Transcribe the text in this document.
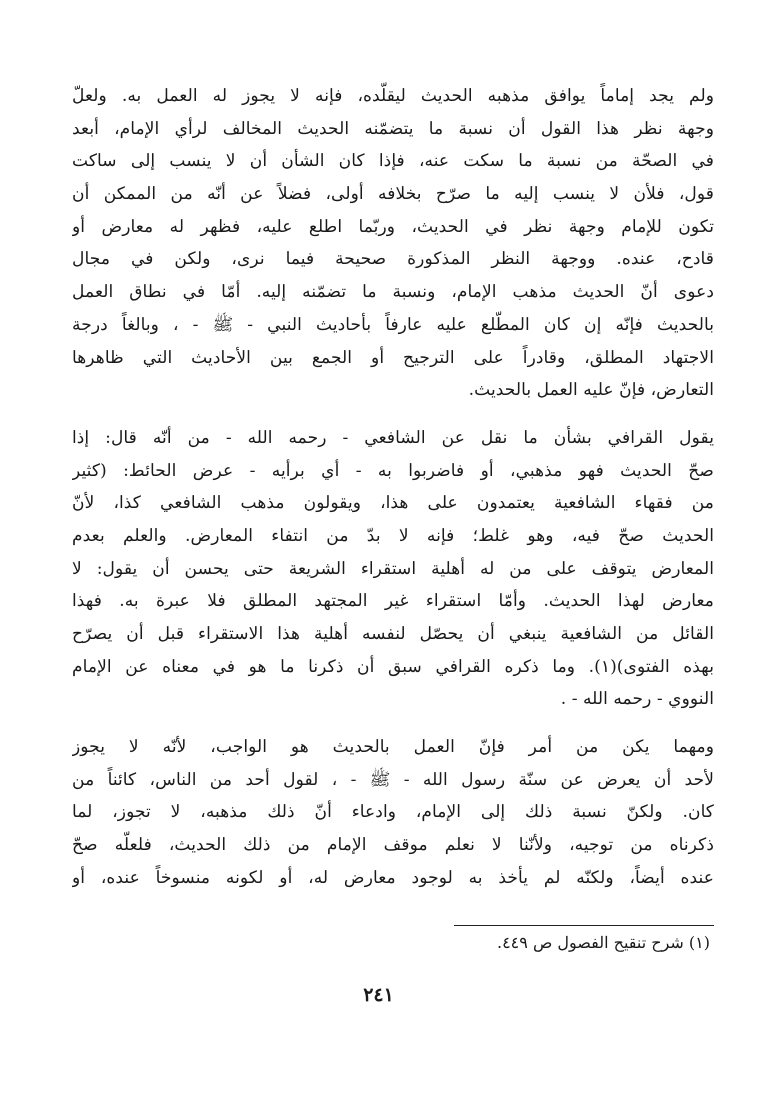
ولم يجد إماماً يوافق مذهبه الحديث ليقلّده، فإنه لا يجوز له العمل به. ولعلّ
وجهة نظر هذا القول أن نسبة ما يتضمّنه الحديث المخالف لرأي الإمام، أبعد
في الصحّة من نسبة ما سكت عنه، فإذا كان الشأن أن لا ينسب إلى ساكت
قول، فلأن لا ينسب إليه ما صرّح بخلافه أولى، فضلاً عن أنّه من الممكن أن
تكون للإمام وجهة نظر في الحديث، وربّما اطلع عليه، فظهر له معارض أو
قادح، عنده. ووجهة النظر المذكورة صحيحة فيما نرى، ولكن في مجال
دعوى أنّ الحديث مذهب الإمام، ونسبة ما تضمّنه إليه. أمّا في نطاق العمل
بالحديث فإنّه إن كان المطّلع عليه عارفاً بأحاديث النبي - ﷺ - ، وبالغاً درجة
الاجتهاد المطلق، وقادراً على الترجيح أو الجمع بين الأحاديث التي ظاهرها
التعارض، فإنّ عليه العمل بالحديث.
يقول القرافي بشأن ما نقل عن الشافعي - رحمه الله - من أنّه قال: إذا
صحّ الحديث فهو مذهبي، أو فاضربوا به - أي برأيه - عرض الحائط: (كثير
من فقهاء الشافعية يعتمدون على هذا، ويقولون مذهب الشافعي كذا، لأنّ
الحديث صحّ فيه، وهو غلط؛ فإنه لا بدّ من انتفاء المعارض. والعلم بعدم
المعارض يتوقف على من له أهلية استقراء الشريعة حتى يحسن أن يقول: لا
معارض لهذا الحديث. وأمّا استقراء غير المجتهد المطلق فلا عبرة به. فهذا
القائل من الشافعية ينبغي أن يحصّل لنفسه أهلية هذا الاستقراء قبل أن يصرّح
بهذه الفتوى)(١). وما ذكره القرافي سبق أن ذكرنا ما هو في معناه عن الإمام
النووي - رحمه الله - .
ومهما يكن من أمر فإنّ العمل بالحديث هو الواجب، لأنّه لا يجوز
لأحد أن يعرض عن سنّة رسول الله - ﷺ - ، لقول أحد من الناس، كائناً من
كان. ولكنّ نسبة ذلك إلى الإمام، وادعاء أنّ ذلك مذهبه، لا تجوز، لما
ذكرناه من توجيه، ولأنّنا لا نعلم موقف الإمام من ذلك الحديث، فلعلّه صحّ
عنده أيضاً، ولكنّه لم يأخذ به لوجود معارض له، أو لكونه منسوخاً عنده، أو
(١) شرح تنقيح الفصول ص ٤٤٩.
٢٤١
